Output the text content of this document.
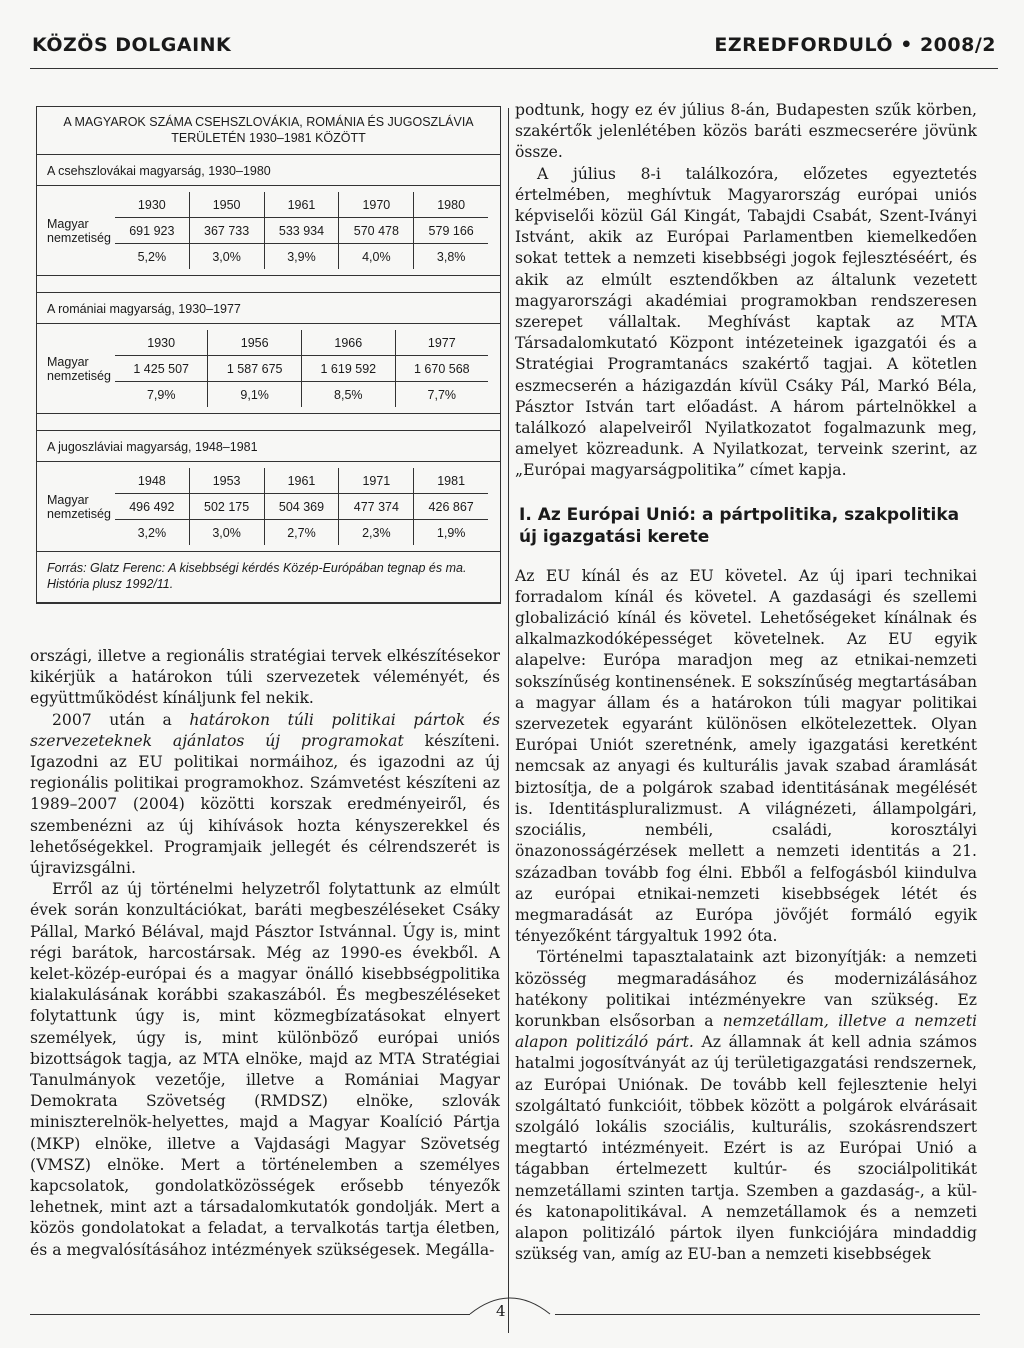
KÖZÖS DOLGAINK	EZREDFORDULÓ • 2008/2
A MAGYAROK SZÁMA CSEHSZLOVÁKIA, ROMÁNIA ÉS JUGOSZLÁVIA TERÜLETÉN 1930–1981 KÖZÖTT
A csehszlovákai magyarság, 1930–1980
Magyar nemzetiség
1930	1950	1961	1970	1980
691 923	367 733	533 934	570 478	579 166
5,2%	3,0%	3,9%	4,0%	3,8%
A romániai magyarság, 1930–1977
Magyar nemzetiség
1930	1956	1966	1977
1 425 507	1 587 675	1 619 592	1 670 568
7,9%	9,1%	8,5%	7,7%
A jugoszláviai magyarság, 1948–1981
Magyar nemzetiség
1948	1953	1961	1971	1981
496 492	502 175	504 369	477 374	426 867
3,2%	3,0%	2,7%	2,3%	1,9%
Forrás: Glatz Ferenc: A kisebbségi kérdés Közép-Európában tegnap és ma. História plusz 1992/11.

országi, illetve a regionális stratégiai tervek elkészítésekor kikérjük a határokon túli szervezetek véleményét, és együttműködést kínáljunk fel nekik.

2007 után a határokon túli politikai pártok és szervezeteknek ajánlatos új programokat készíteni. Igazodni az EU politikai normáihoz, és igazodni az új regionális politikai programokhoz. Számvetést készíteni az 1989–2007 (2004) közötti korszak eredményeiről, és szembenézni az új kihívások hozta kényszerekkel és lehetőségekkel. Programjaik jellegét és célrendszerét is újravizsgálni.

Erről az új történelmi helyzetről folytattunk az elmúlt évek során konzultációkat, baráti megbeszéléseket Csáky Pállal, Markó Bélával, majd Pásztor Istvánnal. Úgy is, mint régi barátok, harcostársak. Még az 1990-es évekből. A kelet-közép-európai és a magyar önálló kisebbségpolitika kialakulásának korábbi szakaszából. És megbeszéléseket folytattunk úgy is, mint közmegbízatásokat elnyert személyek, úgy is, mint különböző európai uniós bizottságok tagja, az MTA elnöke, majd az MTA Stratégiai Tanulmányok vezetője, illetve a Romániai Magyar Demokrata Szövetség (RMDSZ) elnöke, szlovák miniszterelnök-helyettes, majd a Magyar Koalíció Pártja (MKP) elnöke, illetve a Vajdasági Magyar Szövetség (VMSZ) elnöke. Mert a történelemben a személyes kapcsolatok, gondolatközösségek erősebb tényezők lehetnek, mint azt a társadalomkutatók gondolják. Mert a közös gondolatokat a feladat, a tervalkotás tartja életben, és a megvalósításához intézmények szükségesek. Megálla-

podtunk, hogy ez év július 8-án, Budapesten szűk körben, szakértők jelenlétében közös baráti eszmecserére jövünk össze.

A július 8-i találkozóra, előzetes egyeztetés értelmében, meghívtuk Magyarország európai uniós képviselői közül Gál Kingát, Tabajdi Csabát, Szent-Iványi Istvánt, akik az Európai Parlamentben kiemelkedően sokat tettek a nemzeti kisebbségi jogok fejlesztéséért, és akik az elmúlt esztendőkben az általunk vezetett magyarországi akadémiai programokban rendszeresen szerepet vállaltak. Meghívást kaptak az MTA Társadalomkutató Központ intézeteinek igazgatói és a Stratégiai Programtanács szakértő tagjai. A kötetlen eszmecserén a házigazdán kívül Csáky Pál, Markó Béla, Pásztor István tart előadást. A három pártelnökkel a találkozó alapelveiről Nyilatkozatot fogalmazunk meg, amelyet közreadunk. A Nyilatkozat, terveink szerint, az „Európai magyarságpolitika” címet kapja.

I. Az Európai Unió: a pártpolitika, szakpolitika új igazgatási kerete

Az EU kínál és az EU követel. Az új ipari technikai forradalom kínál és követel. A gazdasági és szellemi globalizáció kínál és követel. Lehetőségeket kínálnak és alkalmazkodóképességet követelnek. Az EU egyik alapelve: Európa maradjon meg az etnikai-nemzeti sokszínűség kontinensének. E sokszínűség megtartásában a magyar állam és a határokon túli magyar politikai szervezetek egyaránt különösen elkötelezettek. Olyan Európai Uniót szeretnénk, amely igazgatási keretként nemcsak az anyagi és kulturális javak szabad áramlását biztosítja, de a polgárok szabad identitásának megélését is. Identitáspluralizmust. A világnézeti, állampolgári, szociális, nembéli, családi, korosztályi önazonosságérzések mellett a nemzeti identitás a 21. században tovább fog élni. Ebből a felfogásból kiindulva az európai etnikai-nemzeti kisebbségek létét és megmaradását az Európa jövőjét formáló egyik tényezőként tárgyaltuk 1992 óta.

Történelmi tapasztalataink azt bizonyítják: a nemzeti közösség megmaradásához és modernizálásához hatékony politikai intézményekre van szükség. Ez korunkban elsősorban a nemzetállam, illetve a nemzeti alapon politizáló párt. Az államnak át kell adnia számos hatalmi jogosítványát az új területigazgatási rendszernek, az Európai Uniónak. De tovább kell fejlesztenie helyi szolgáltató funkcióit, többek között a polgárok elvárásait szolgáló lokális szociális, kulturális, szokásrendszert megtartó intézményeit. Ezért is az Európai Unió a tágabban értelmezett kultúr- és szociálpolitikát nemzetállami szinten tartja. Szemben a gazdaság-, a kül- és katonapolitikával. A nemzetállamok és a nemzeti alapon politizáló pártok ilyen funkciójára mindaddig szükség van, amíg az EU-ban a nemzeti kisebbségek

4
